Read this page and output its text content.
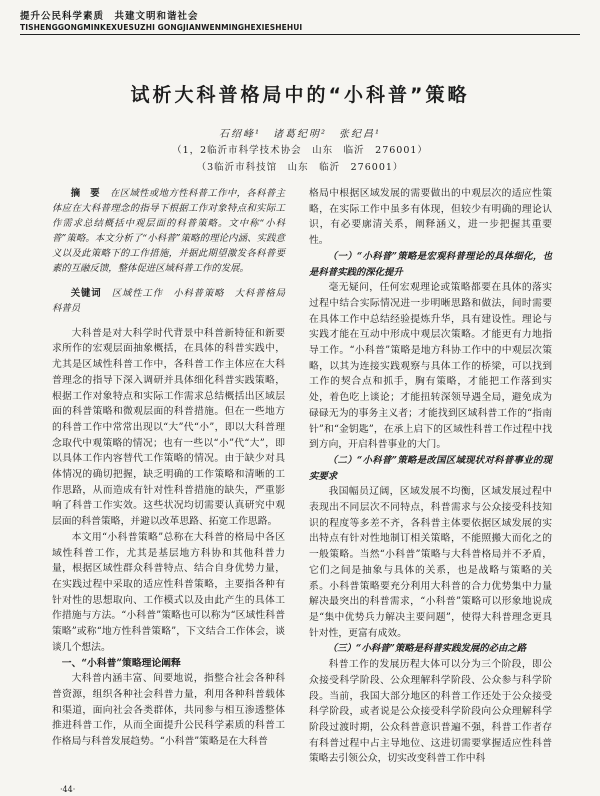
提升公民科学素质　共建文明和谐社会
TISHENGGONGMINKEXUESUZHI GONGJIANWENMINGHEXIESHEHUI
试析大科普格局中的“小科普”策略
石绍峰¹　诸葛纪明²　张纪昌¹
（1，2临沂市科学技术协会　山东　临沂　276001）
（3临沂市科技馆　山东　临沂　276001）

摘　要　 在区域性或地方性科普工作中，各科普主体应在大科普理念的指导下根据工作对象特点和实际工作需求总结概括中观层面的科普策略。文中称“小科普”策略。本文分析了“小科普”策略的理论内涵、实践意义以及此策略下的工作措施，并据此期望激发各科普要素的互融反馈，整体促进区域科普工作的发展。

关键词　 区域性工作　小科普策略　大科普格局　科普员

大科普是对大科学时代背景中科普新特征和新要求所作的宏观层面抽象概括，在具体的科普实践中，尤其是区域性科普工作中，各科普工作主体应在大科普理念的指导下深入调研并具体细化科普实践策略，根据工作对象特点和实际工作需求总结概括出区域层面的科普策略和微观层面的科普措施。但在一些地方的科普工作中常常出现以“大”代“小”，即以大科普理念取代中观策略的情况；也有一些以“小”代“大”，即以具体工作内容替代工作策略的情况。由于缺少对具体情况的确切把握，缺乏明确的工作策略和清晰的工作思路，从而造成有针对性科普措施的缺失，严重影响了科普工作实效。这些状况均切需要认真研究中观层面的科普策略，并避以改革思路、拓宽工作思路。

本文用“小科普策略”总称在大科普的格局中各区域性科普工作，尤其是基层地方科协和其他科普力量，根据区域性群众科普特点、结合自身优势力量，在实践过程中采取的适应性科普策略，主要指各种有针对性的思想取向、工作模式以及由此产生的具体工作措施与方法。“小科普”策略也可以称为“区域性科普策略”或称“地方性科普策略”，下文结合工作体会，谈谈几个想法。

一、“小科普”策略理论阐释

大科普内涵丰富、间要地说，指整合社会各种科普资源，组织各种社会科普力量，利用各种科普载体和渠道，面向社会各类群体，共同参与相互渗透整体推进科普工作，从而全面提升公民科学素质的科普工作格局与科普发展趋势。“小科普”策略是在大科普

格局中根据区域发展的需要做出的中观层次的适应性策略，在实际工作中虽多有体现，但较少有明确的理论认识，有必要廓清关系，阐释涵义，进一步把握其重要性。

（一）“小科普”策略是宏观科普理论的具体细化，也是科普实践的深化提升

毫无疑问，任何宏观理论或策略都要在具体的落实过程中结合实际情况进一步明晰思路和做法，间时需要在具体工作中总结经验提炼升华，具有建设性。理论与实践才能在互动中形成中观层次策略。才能更有力地指导工作。“小科普”策略是地方科协工作中的中观层次策略，以其为连接实践观察与具体工作的桥梁，可以找到工作的契合点和抓手，胸有策略，才能把工作落到实处，着色吃上谈论；才能扭转深领导遇全局，避免成为碌碌无为的事务主义者；才能找到区域科普工作的“指南针”和“金钥匙”，在承上启下的区域性科普工作过程中找到方向，开启科普事业的大门。

（二）“小科普”策略是改国区域现状对科普事业的现实要求

我国幅员辽阔，区域发展不均衡，区域发展过程中表现出不同层次不同特点，科普需求与公众接受科技知识的程度等多差不齐，各科普主体要依据区域发展的实出特点有针对性地制订相关策略，不能照搬大而化之的一般策略。当然“小科普”策略与大科普格局并不矛盾，它们之间是抽象与具体的关系，也是战略与策略的关系。小科普策略要充分利用大科普的合力优势集中力量解决最突出的科普需求，“小科普”策略可以形象地说成是“集中优势兵力解决主要问题”，使得大科普理念更具针对性，更富有成效。

（三）“小科普”策略是科普实践发展的必由之路

科普工作的发展历程大体可以分为三个阶段，即公众接受科学阶段、公众理解科学阶段、公众参与科学阶段。当前，我国大部分地区的科普工作还处于公众接受科学阶段，或者说是公众接受科学阶段向公众理解科学阶段过渡时期，公众科普意识普遍不强，科普工作者存有科普过程中占主导地位、这进切需要掌握适应性科普策略去引领公众，切实改变科普工作中科

·44·
